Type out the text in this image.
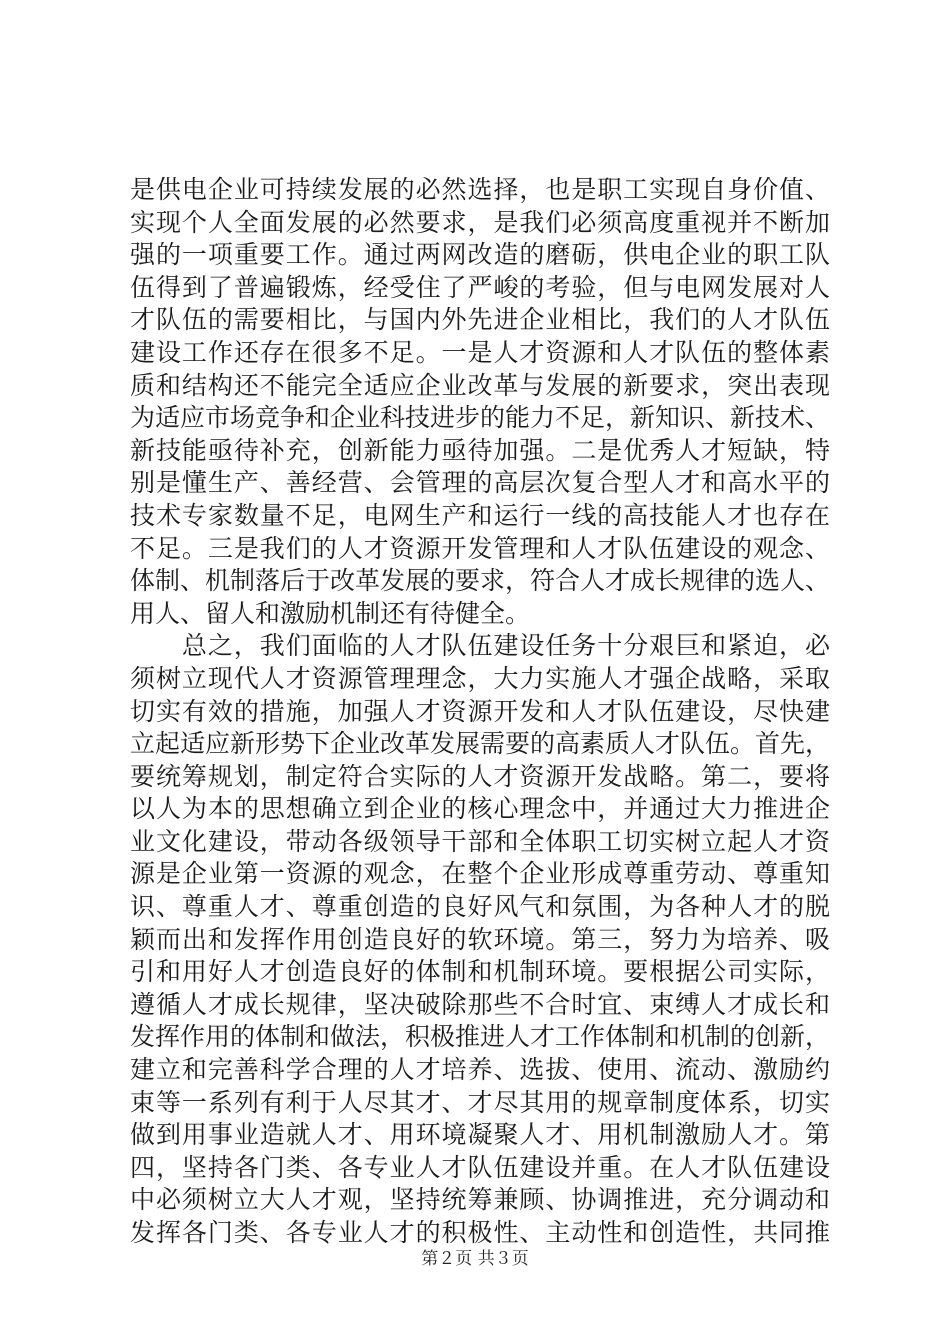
是供电企业可持续发展的必然选择，也是职工实现自身价值、
实现个人全面发展的必然要求，是我们必须高度重视并不断加
强的一项重要工作。通过两网改造的磨砺，供电企业的职工队
伍得到了普遍锻炼，经受住了严峻的考验，但与电网发展对人
才队伍的需要相比，与国内外先进企业相比，我们的人才队伍
建设工作还存在很多不足。一是人才资源和人才队伍的整体素
质和结构还不能完全适应企业改革与发展的新要求，突出表现
为适应市场竞争和企业科技进步的能力不足，新知识、新技术、
新技能亟待补充，创新能力亟待加强。二是优秀人才短缺，特
别是懂生产、善经营、会管理的高层次复合型人才和高水平的
技术专家数量不足，电网生产和运行一线的高技能人才也存在
不足。三是我们的人才资源开发管理和人才队伍建设的观念、
体制、机制落后于改革发展的要求，符合人才成长规律的选人、
用人、留人和激励机制还有待健全。
　　总之，我们面临的人才队伍建设任务十分艰巨和紧迫，必
须树立现代人才资源管理理念，大力实施人才强企战略，采取
切实有效的措施，加强人才资源开发和人才队伍建设，尽快建
立起适应新形势下企业改革发展需要的高素质人才队伍。首先，
要统筹规划，制定符合实际的人才资源开发战略。第二，要将
以人为本的思想确立到企业的核心理念中，并通过大力推进企
业文化建设，带动各级领导干部和全体职工切实树立起人才资
源是企业第一资源的观念，在整个企业形成尊重劳动、尊重知
识、尊重人才、尊重创造的良好风气和氛围，为各种人才的脱
颖而出和发挥作用创造良好的软环境。第三，努力为培养、吸
引和用好人才创造良好的体制和机制环境。要根据公司实际，
遵循人才成长规律，坚决破除那些不合时宜、束缚人才成长和
发挥作用的体制和做法，积极推进人才工作体制和机制的创新，
建立和完善科学合理的人才培养、选拔、使用、流动、激励约
束等一系列有利于人尽其才、才尽其用的规章制度体系，切实
做到用事业造就人才、用环境凝聚人才、用机制激励人才。第
四，坚持各门类、各专业人才队伍建设并重。在人才队伍建设
中必须树立大人才观，坚持统筹兼顾、协调推进，充分调动和
发挥各门类、各专业人才的积极性、主动性和创造性，共同推
第２页 共３页
